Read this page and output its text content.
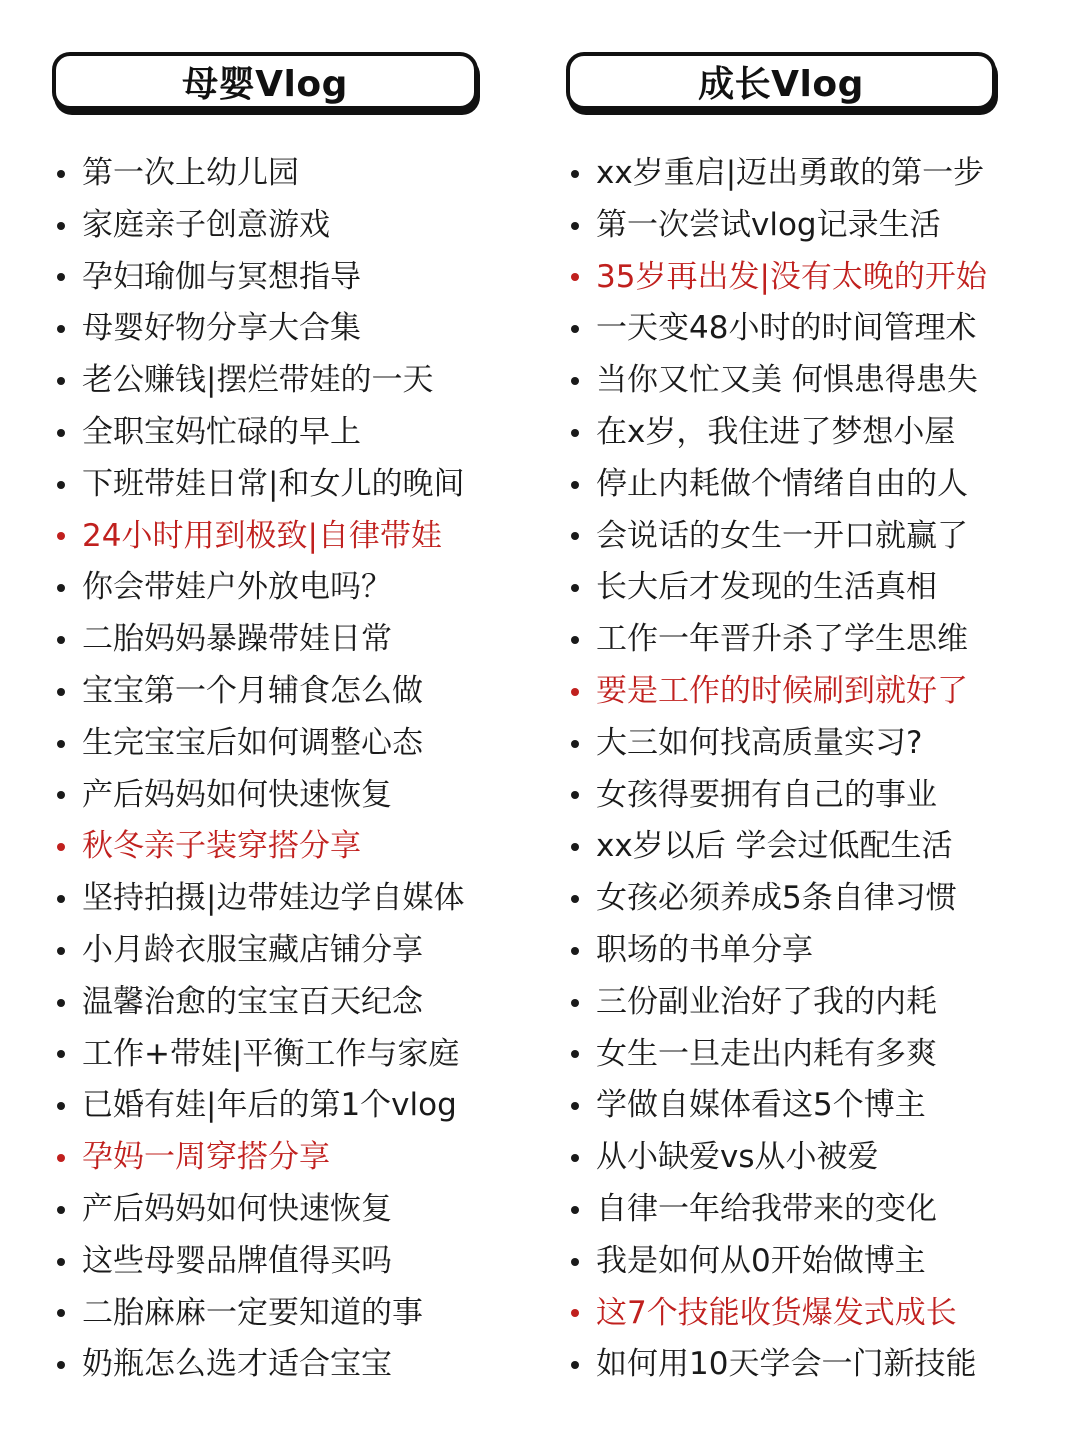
母婴Vlog
第一次上幼儿园
家庭亲子创意游戏
孕妇瑜伽与冥想指导
母婴好物分享大合集
老公赚钱|摆烂带娃的一天
全职宝妈忙碌的早上
下班带娃日常|和女儿的晚间
24小时用到极致|自律带娃
你会带娃户外放电吗？
二胎妈妈暴躁带娃日常
宝宝第一个月辅食怎么做
生完宝宝后如何调整心态
产后妈妈如何快速恢复
秋冬亲子装穿搭分享
坚持拍摄|边带娃边学自媒体
小月龄衣服宝藏店铺分享
温馨治愈的宝宝百天纪念
工作+带娃|平衡工作与家庭
已婚有娃|年后的第1个vlog
孕妈一周穿搭分享
产后妈妈如何快速恢复
这些母婴品牌值得买吗
二胎麻麻一定要知道的事
奶瓶怎么选才适合宝宝
成长Vlog
xx岁重启|迈出勇敢的第一步
第一次尝试vlog记录生活
35岁再出发|没有太晚的开始
一天变48小时的时间管理术
当你又忙又美 何惧患得患失
在x岁，我住进了梦想小屋
停止内耗做个情绪自由的人
会说话的女生一开口就赢了
长大后才发现的生活真相
工作一年晋升杀了学生思维
要是工作的时候刷到就好了
大三如何找高质量实习?
女孩得要拥有自己的事业
xx岁以后 学会过低配生活
女孩必须养成5条自律习惯
职场的书单分享
三份副业治好了我的内耗
女生一旦走出内耗有多爽
学做自媒体看这5个博主
从小缺爱vs从小被爱
自律一年给我带来的变化
我是如何从0开始做博主
这7个技能收货爆发式成长
如何用10天学会一门新技能
